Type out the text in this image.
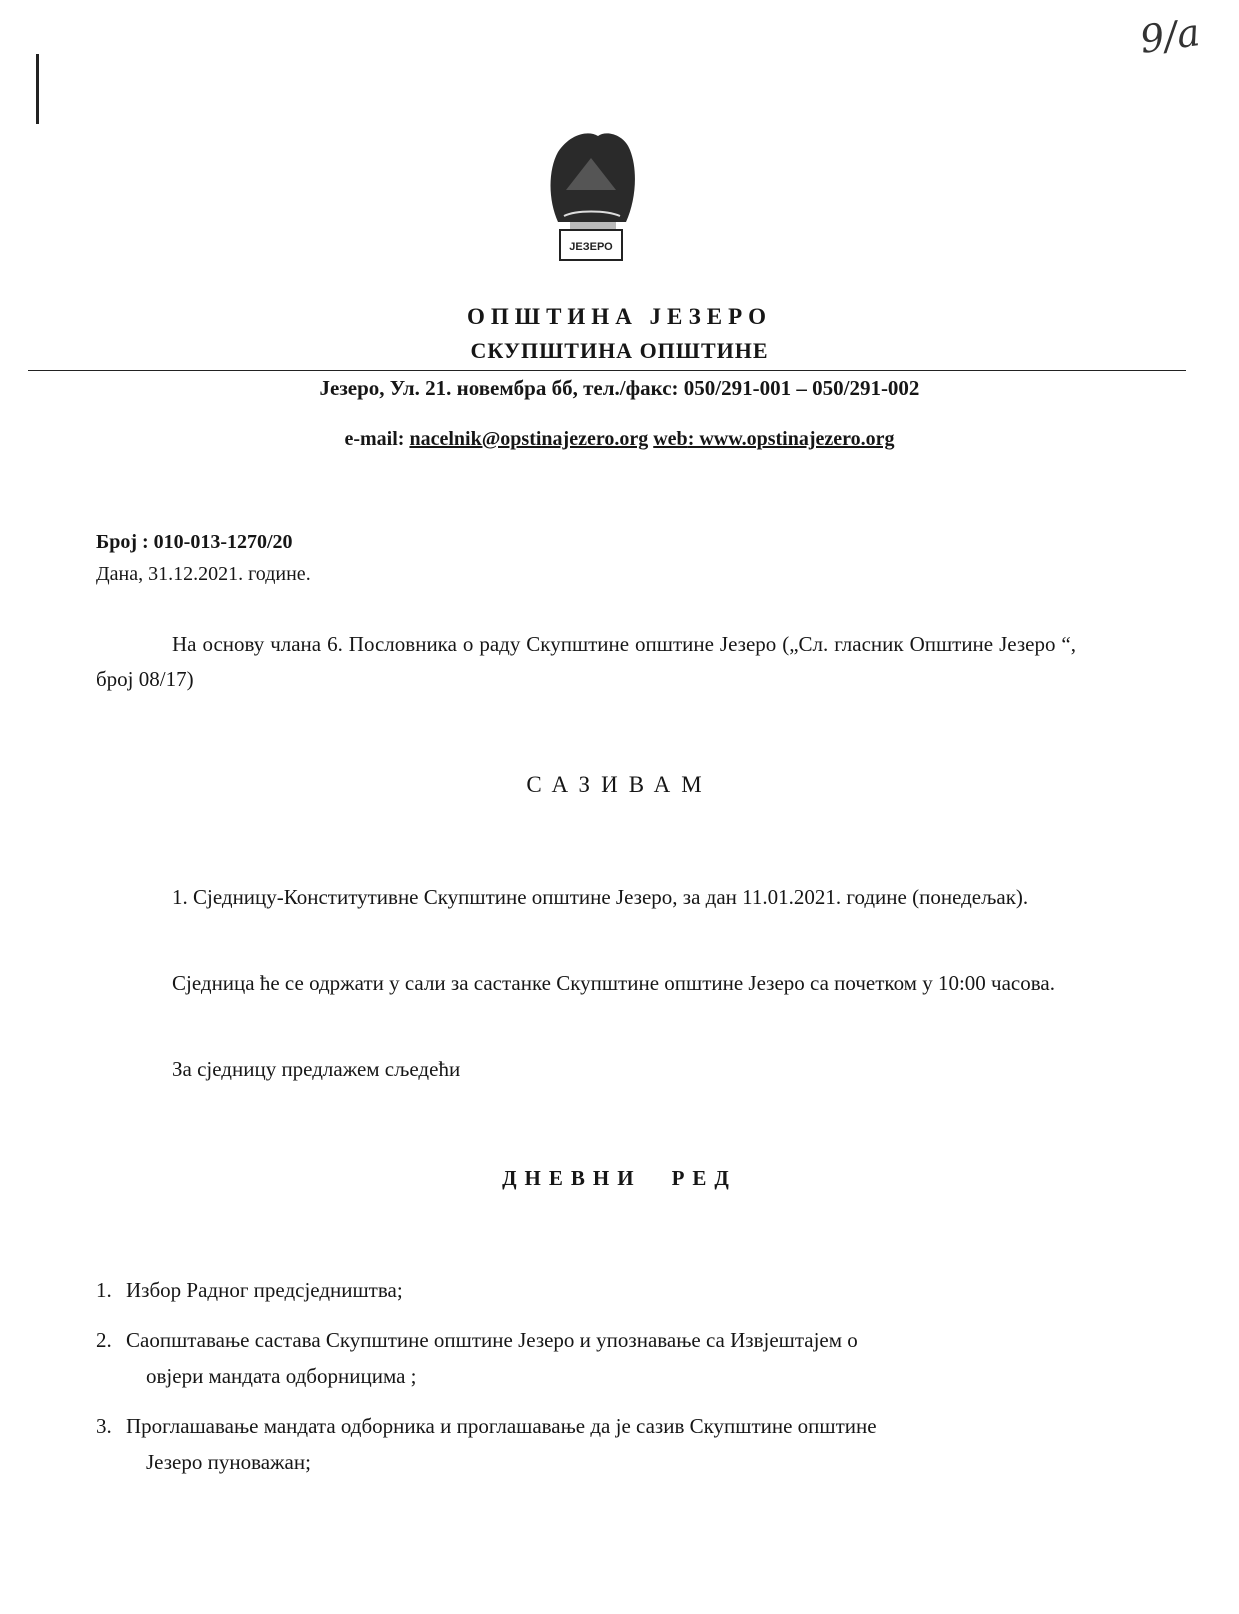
9/a
ЈЕЗЕРО
ОПШТИНА ЈЕЗЕРО
СКУПШТИНА ОПШТИНЕ
Језеро, Ул. 21. новембра бб, тел./факс: 050/291-001 – 050/291-002
e-mail: nacelnik@opstinajezero.org web: www.opstinajezero.org
Број : 010-013-1270/20
Дана, 31.12.2021. године.
На основу члана 6. Пословника о раду Скупштине општине Језеро („Сл. гласник Општине Језеро “, број 08/17)
САЗИВАМ
1. Сједницу-Конститутивне Скупштине општине Језеро, за дан 11.01.2021. године (понедељак).
Сједница ће се одржати у сали за састанке Скупштине општине Језеро са почетком у 10:00 часова.
За сједницу предлажем сљедећи
ДНЕВНИ РЕД
1. Избор Радног предсједништва;
2. Саопштавање састава Скупштине општине Језеро и упознавање са Извјештајем о
овјери мандата одборницима ;
3. Проглашавање мандата одборника и проглашавање да је сазив Скупштине општине
Језеро пуноважан;
